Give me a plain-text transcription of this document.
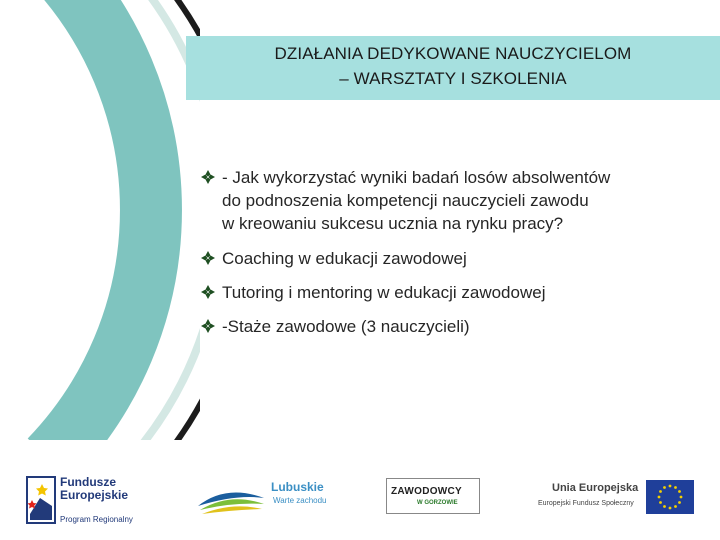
DZIAŁANIA DEDYKOWANE NAUCZYCIELOM
– WARSZTATY I SZKOLENIA
- Jak wykorzystać wyniki badań losów absolwentów
do podnoszenia kompetencji nauczycieli zawodu
w kreowaniu sukcesu ucznia na rynku pracy?
Coaching w edukacji zawodowej
Tutoring i mentoring w edukacji zawodowej
-Staże zawodowe (3 nauczycieli)
Fundusze
Europejskie
Program Regionalny
Lubuskie
Warte zachodu
ZAWODOWCY
W GORZOWIE
Unia Europejska
Europejski Fundusz Społeczny
